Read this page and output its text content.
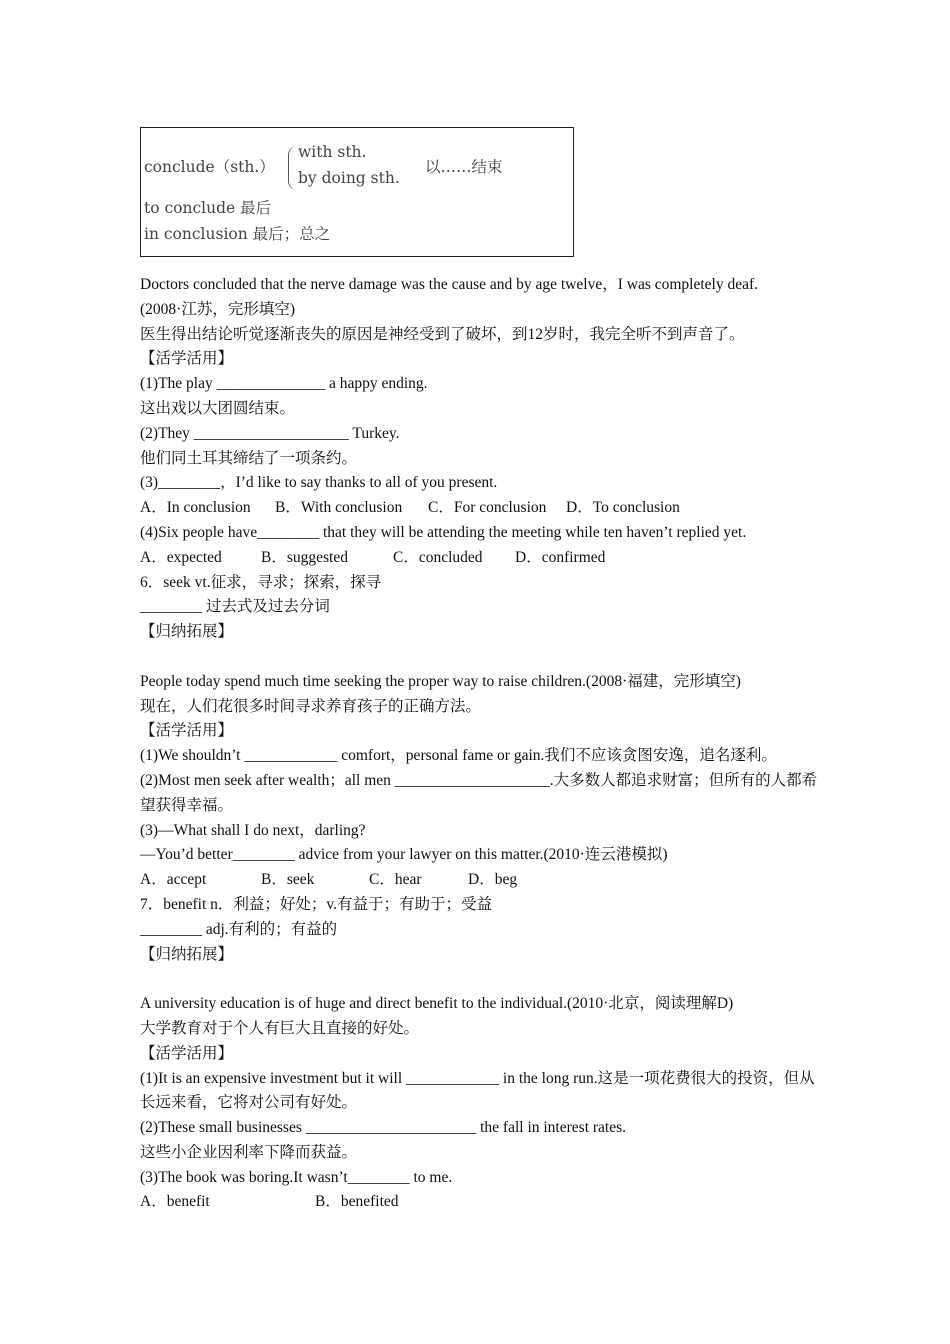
conclude（sth.）
with sth.
by doing sth.
以……结束
to conclude 最后
in conclusion 最后；总之
Doctors concluded that the nerve damage was the cause and by age twelve，I was completely deaf.
(2008·江苏，完形填空)
医生得出结论听觉逐渐丧失的原因是神经受到了破坏，到12岁时，我完全听不到声音了。
【活学活用】
(1)The play ______________ a happy ending.
这出戏以大团圆结束。
(2)They ____________________ Turkey.
他们同土耳其缔结了一项条约。
(3)________，I’d like to say thanks to all of you present.
A．In conclusion B．With conclusion C．For conclusion D．To conclusion
(4)Six people have________ that they will be attending the meeting while ten haven’t replied yet.
A．expected	B．suggested	C．concluded D．confirmed
6．seek vt.征求，寻求；探索，探寻
________ 过去式及过去分词
【归纳拓展】
People today spend much time seeking the proper way to raise children.(2008·福建，完形填空)
现在，人们花很多时间寻求养育孩子的正确方法。
【活学活用】
(1)We shouldn’t ____________ comfort，personal fame or gain.我们不应该贪图安逸，追名逐利。
(2)Most men seek after wealth；all men ____________________.大多数人都追求财富；但所有的人都希望获得幸福。
(3)—What shall I do next，darling?
—You’d better________ advice from your lawyer on this matter.(2010·连云港模拟)
A．accept	B．seek	C．hear	D．beg
7．benefit n．利益；好处；v.有益于；有助于；受益
________ adj.有利的；有益的
【归纳拓展】
A university education is of huge and direct benefit to the individual.(2010·北京，阅读理解D)
大学教育对于个人有巨大且直接的好处。
【活学活用】
(1)It is an expensive investment but it will ____________ in the long run.这是一项花费很大的投资，但从长远来看，它将对公司有好处。
(2)These small businesses ______________________ the fall in interest rates.
这些小企业因利率下降而获益。
(3)The book was boring.It wasn’t________ to me.
A．benefit	B．benefited
